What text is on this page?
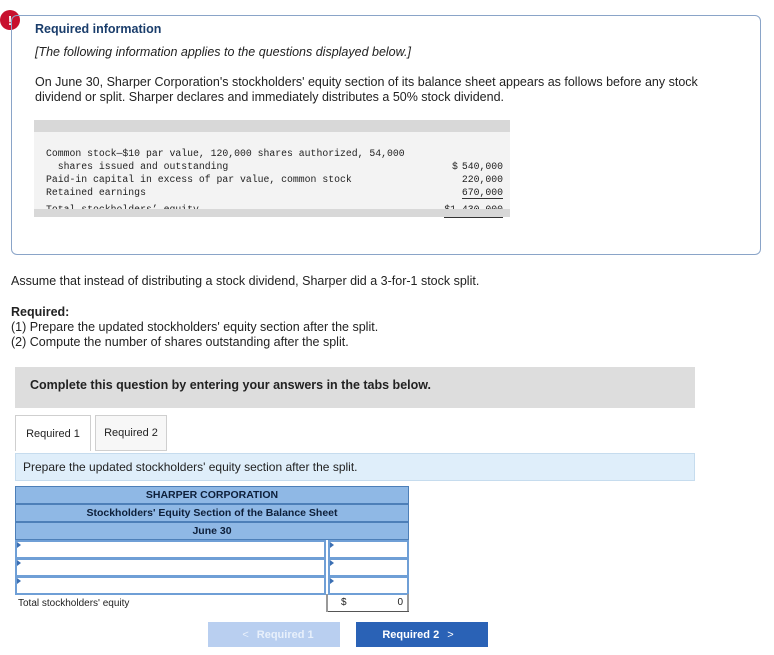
!
Required information
[The following information applies to the questions displayed below.]
On June 30, Sharper Corporation's stockholders' equity section of its balance sheet appears as follows before any stock dividend or split. Sharper declares and immediately distributes a 50% stock dividend.
Common stock—$10 par value, 120,000 shares authorized, 54,000
shares issued and outstanding	$ 540,000
Paid-in capital in excess of par value, common stock	220,000
Retained earnings	670,000
Assume that instead of distributing a stock dividend, Sharper did a 3-for-1 stock split.
Required:
(1) Prepare the updated stockholders' equity section after the split.
(2) Compute the number of shares outstanding after the split.
Complete this question by entering your answers in the tabs below.
Required 1	Required 2
Prepare the updated stockholders' equity section after the split.
SHARPER CORPORATION
Stockholders' Equity Section of the Balance Sheet
June 30
Total stockholders' equity	$	0
< Required 1	Required 2 >
